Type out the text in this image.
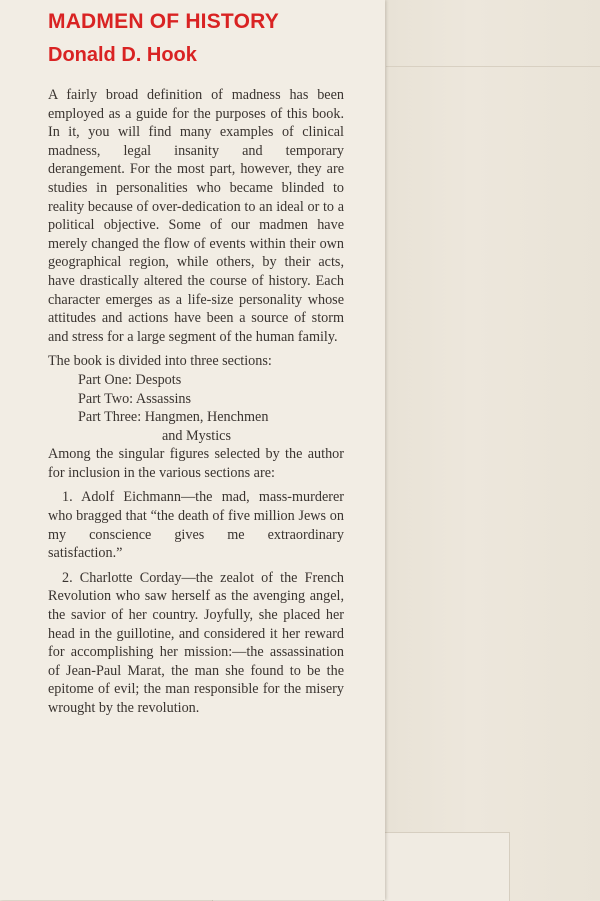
MADMEN OF HISTORY
Donald D. Hook

A fairly broad definition of madness has been employed as a guide for the purposes of this book. In it, you will find many examples of clinical madness, legal insanity and temporary derangement. For the most part, however, they are studies in personalities who became blinded to reality because of over-dedication to an ideal or to a political objective. Some of our madmen have merely changed the flow of events within their own geographical region, while others, by their acts, have drastically altered the course of history. Each character emerges as a life-size personality whose attitudes and actions have been a source of storm and stress for a large segment of the human family.

The book is divided into three sections:

Part One: Despots
Part Two: Assassins
Part Three: Hangmen, Henchmen
and Mystics

Among the singular figures selected by the author for inclusion in the various sections are:

1. Adolf Eichmann—the mad, mass-murderer who bragged that “the death of five million Jews on my conscience gives me extraordinary satisfaction.”

2. Charlotte Corday—the zealot of the French Revolution who saw herself as the avenging angel, the savior of her country. Joyfully, she placed her head in the guillotine, and considered it her reward for accomplishing her mission:—the assassination of Jean-Paul Marat, the man she found to be the epitome of evil; the man responsible for the misery wrought by the revolution.
